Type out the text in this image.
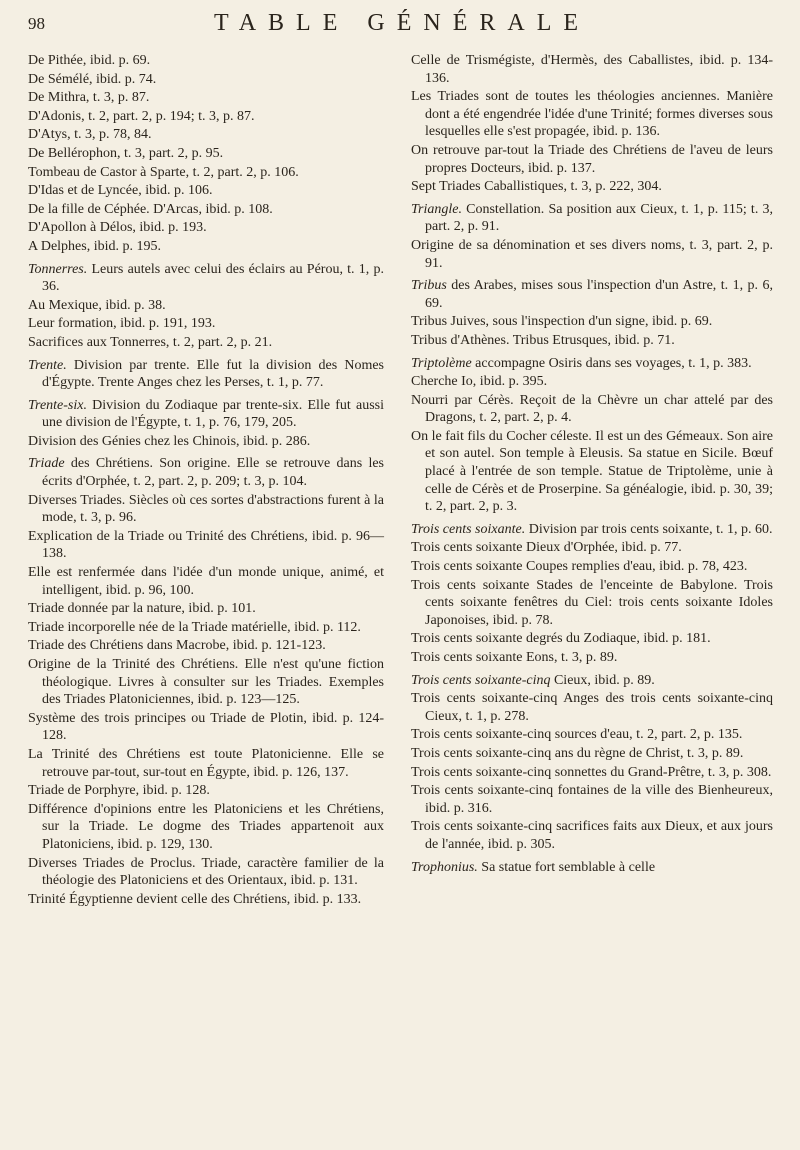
98	TABLE GÉNÉRALE

De Pithée, ibid. p. 69.

De Sémélé, ibid. p. 74.

De Mithra, t. 3, p. 87.

D'Adonis, t. 2, part. 2, p. 194; t. 3, p. 87.

D'Atys, t. 3, p. 78, 84.

De Bellérophon, t. 3, part. 2, p. 95.

Tombeau de Castor à Sparte, t. 2, part. 2, p. 106.

D'Idas et de Lyncée, ibid. p. 106.

De la fille de Céphée. D'Arcas, ibid. p. 108.

D'Apollon à Délos, ibid. p. 193.

A Delphes, ibid. p. 195.

Tonnerres. Leurs autels avec celui des éclairs au Pérou, t. 1, p. 36.

Au Mexique, ibid. p. 38.

Leur formation, ibid. p. 191, 193.

Sacrifices aux Tonnerres, t. 2, part. 2, p. 21.

Trente. Division par trente. Elle fut la division des Nomes d'Égypte. Trente Anges chez les Perses, t. 1, p. 77.

Trente-six. Division du Zodiaque par trente-six. Elle fut aussi une division de l'Égypte, t. 1, p. 76, 179, 205.

Division des Génies chez les Chinois, ibid. p. 286.

Triade des Chrétiens. Son origine. Elle se retrouve dans les écrits d'Orphée, t. 2, part. 2, p. 209; t. 3, p. 104.

Diverses Triades. Siècles où ces sortes d'abstractions furent à la mode, t. 3, p. 96.

Explication de la Triade ou Trinité des Chrétiens, ibid. p. 96—138.

Elle est renfermée dans l'idée d'un monde unique, animé, et intelligent, ibid. p. 96, 100.

Triade donnée par la nature, ibid. p. 101.

Triade incorporelle née de la Triade matérielle, ibid. p. 112.

Triade des Chrétiens dans Macrobe, ibid. p. 121-123.

Origine de la Trinité des Chrétiens. Elle n'est qu'une fiction théologique. Livres à consulter sur les Triades. Exemples des Triades Platoniciennes, ibid. p. 123—125.

Système des trois principes ou Triade de Plotin, ibid. p. 124-128.

La Trinité des Chrétiens est toute Platonicienne. Elle se retrouve par-tout, sur-tout en Égypte, ibid. p. 126, 137.

Triade de Porphyre, ibid. p. 128.

Différence d'opinions entre les Platoniciens et les Chrétiens, sur la Triade. Le dogme des Triades appartenoit aux Platoniciens, ibid. p. 129, 130.

Diverses Triades de Proclus. Triade, caractère familier de la théologie des Platoniciens et des Orientaux, ibid. p. 131.

Trinité Égyptienne devient celle des Chrétiens, ibid. p. 133.

Celle de Trismégiste, d'Hermès, des Caballistes, ibid. p. 134-136.

Les Triades sont de toutes les théologies anciennes. Manière dont a été engendrée l'idée d'une Trinité; formes diverses sous lesquelles elle s'est propagée, ibid. p. 136.

On retrouve par-tout la Triade des Chrétiens de l'aveu de leurs propres Docteurs, ibid. p. 137.

Sept Triades Caballistiques, t. 3, p. 222, 304.

Triangle. Constellation. Sa position aux Cieux, t. 1, p. 115; t. 3, part. 2, p. 91.

Origine de sa dénomination et ses divers noms, t. 3, part. 2, p. 91.

Tribus des Arabes, mises sous l'inspection d'un Astre, t. 1, p. 6, 69.

Tribus Juives, sous l'inspection d'un signe, ibid. p. 69.

Tribus d'Athènes. Tribus Etrusques, ibid. p. 71.

Triptolème accompagne Osiris dans ses voyages, t. 1, p. 383.

Cherche Io, ibid. p. 395.

Nourri par Cérès. Reçoit de la Chèvre un char attelé par des Dragons, t. 2, part. 2, p. 4.

On le fait fils du Cocher céleste. Il est un des Gémeaux. Son aire et son autel. Son temple à Eleusis. Sa statue en Sicile. Bœuf placé à l'entrée de son temple. Statue de Triptolème, unie à celle de Cérès et de Proserpine. Sa généalogie, ibid. p. 30, 39; t. 2, part. 2, p. 3.

Trois cents soixante. Division par trois cents soixante, t. 1, p. 60.

Trois cents soixante Dieux d'Orphée, ibid. p. 77.

Trois cents soixante Coupes remplies d'eau, ibid. p. 78, 423.

Trois cents soixante Stades de l'enceinte de Babylone. Trois cents soixante fenêtres du Ciel: trois cents soixante Idoles Japonoises, ibid. p. 78.

Trois cents soixante degrés du Zodiaque, ibid. p. 181.

Trois cents soixante Eons, t. 3, p. 89.

Trois cents soixante-cinq Cieux, ibid. p. 89.

Trois cents soixante-cinq Anges des trois cents soixante-cinq Cieux, t. 1, p. 278.

Trois cents soixante-cinq sources d'eau, t. 2, part. 2, p. 135.

Trois cents soixante-cinq ans du règne de Christ, t. 3, p. 89.

Trois cents soixante-cinq sonnettes du Grand-Prêtre, t. 3, p. 308.

Trois cents soixante-cinq fontaines de la ville des Bienheureux, ibid. p. 316.

Trois cents soixante-cinq sacrifices faits aux Dieux, et aux jours de l'année, ibid. p. 305.

Trophonius. Sa statue fort semblable à celle
